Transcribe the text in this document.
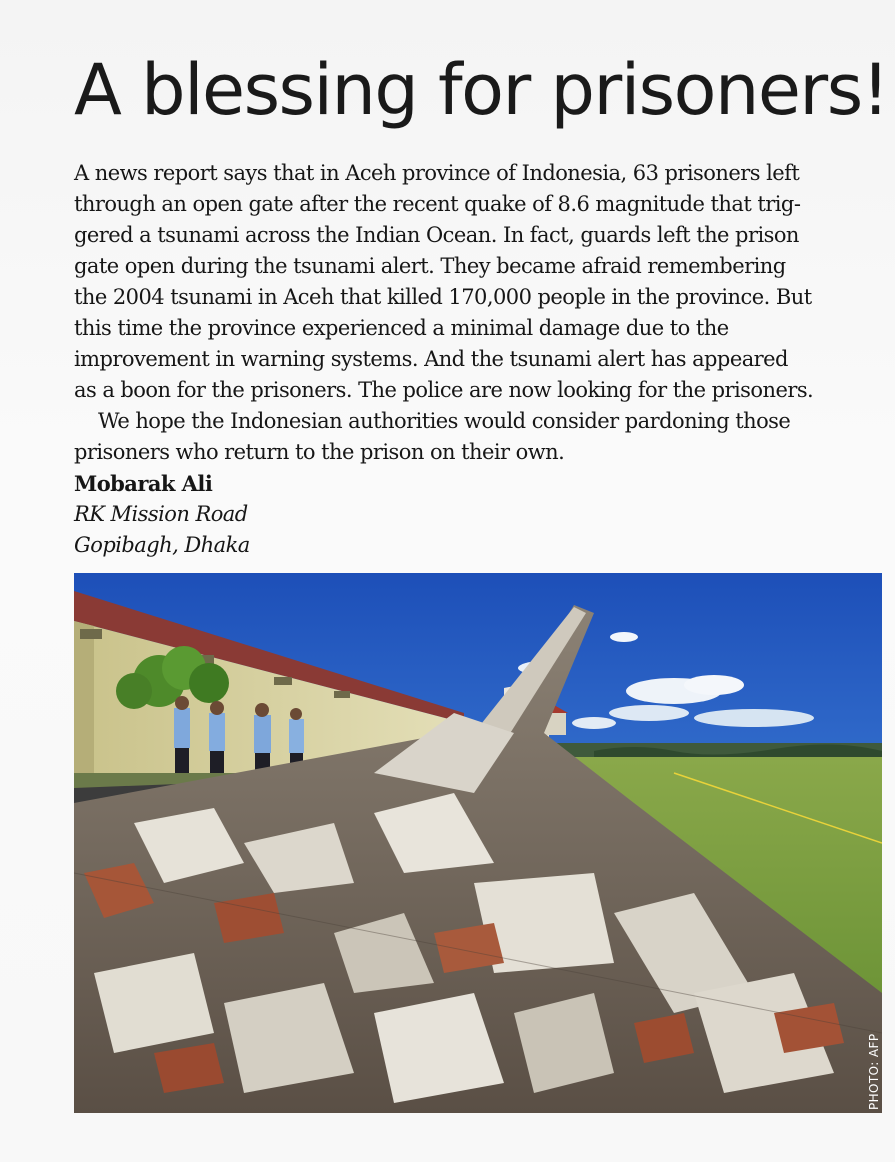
A blessing for prisoners!

A news report says that in Aceh province of Indonesia, 63 prisoners left
through an open gate after the recent quake of 8.6 magnitude that trig-
gered a tsunami across the Indian Ocean. In fact, guards left the prison
gate open during the tsunami alert. They became afraid remembering
the 2004 tsunami in Aceh that killed 170,000 people in the province. But
this time the province experienced a minimal damage due to the
improvement in warning systems. And the tsunami alert has appeared
as a boon for the prisoners. The police are now looking for the prisoners.

We hope the Indonesian authorities would consider pardoning those
prisoners who return to the prison on their own.

Mobarak Ali
RK Mission Road
Gopibagh, Dhaka
PHOTO: AFP
